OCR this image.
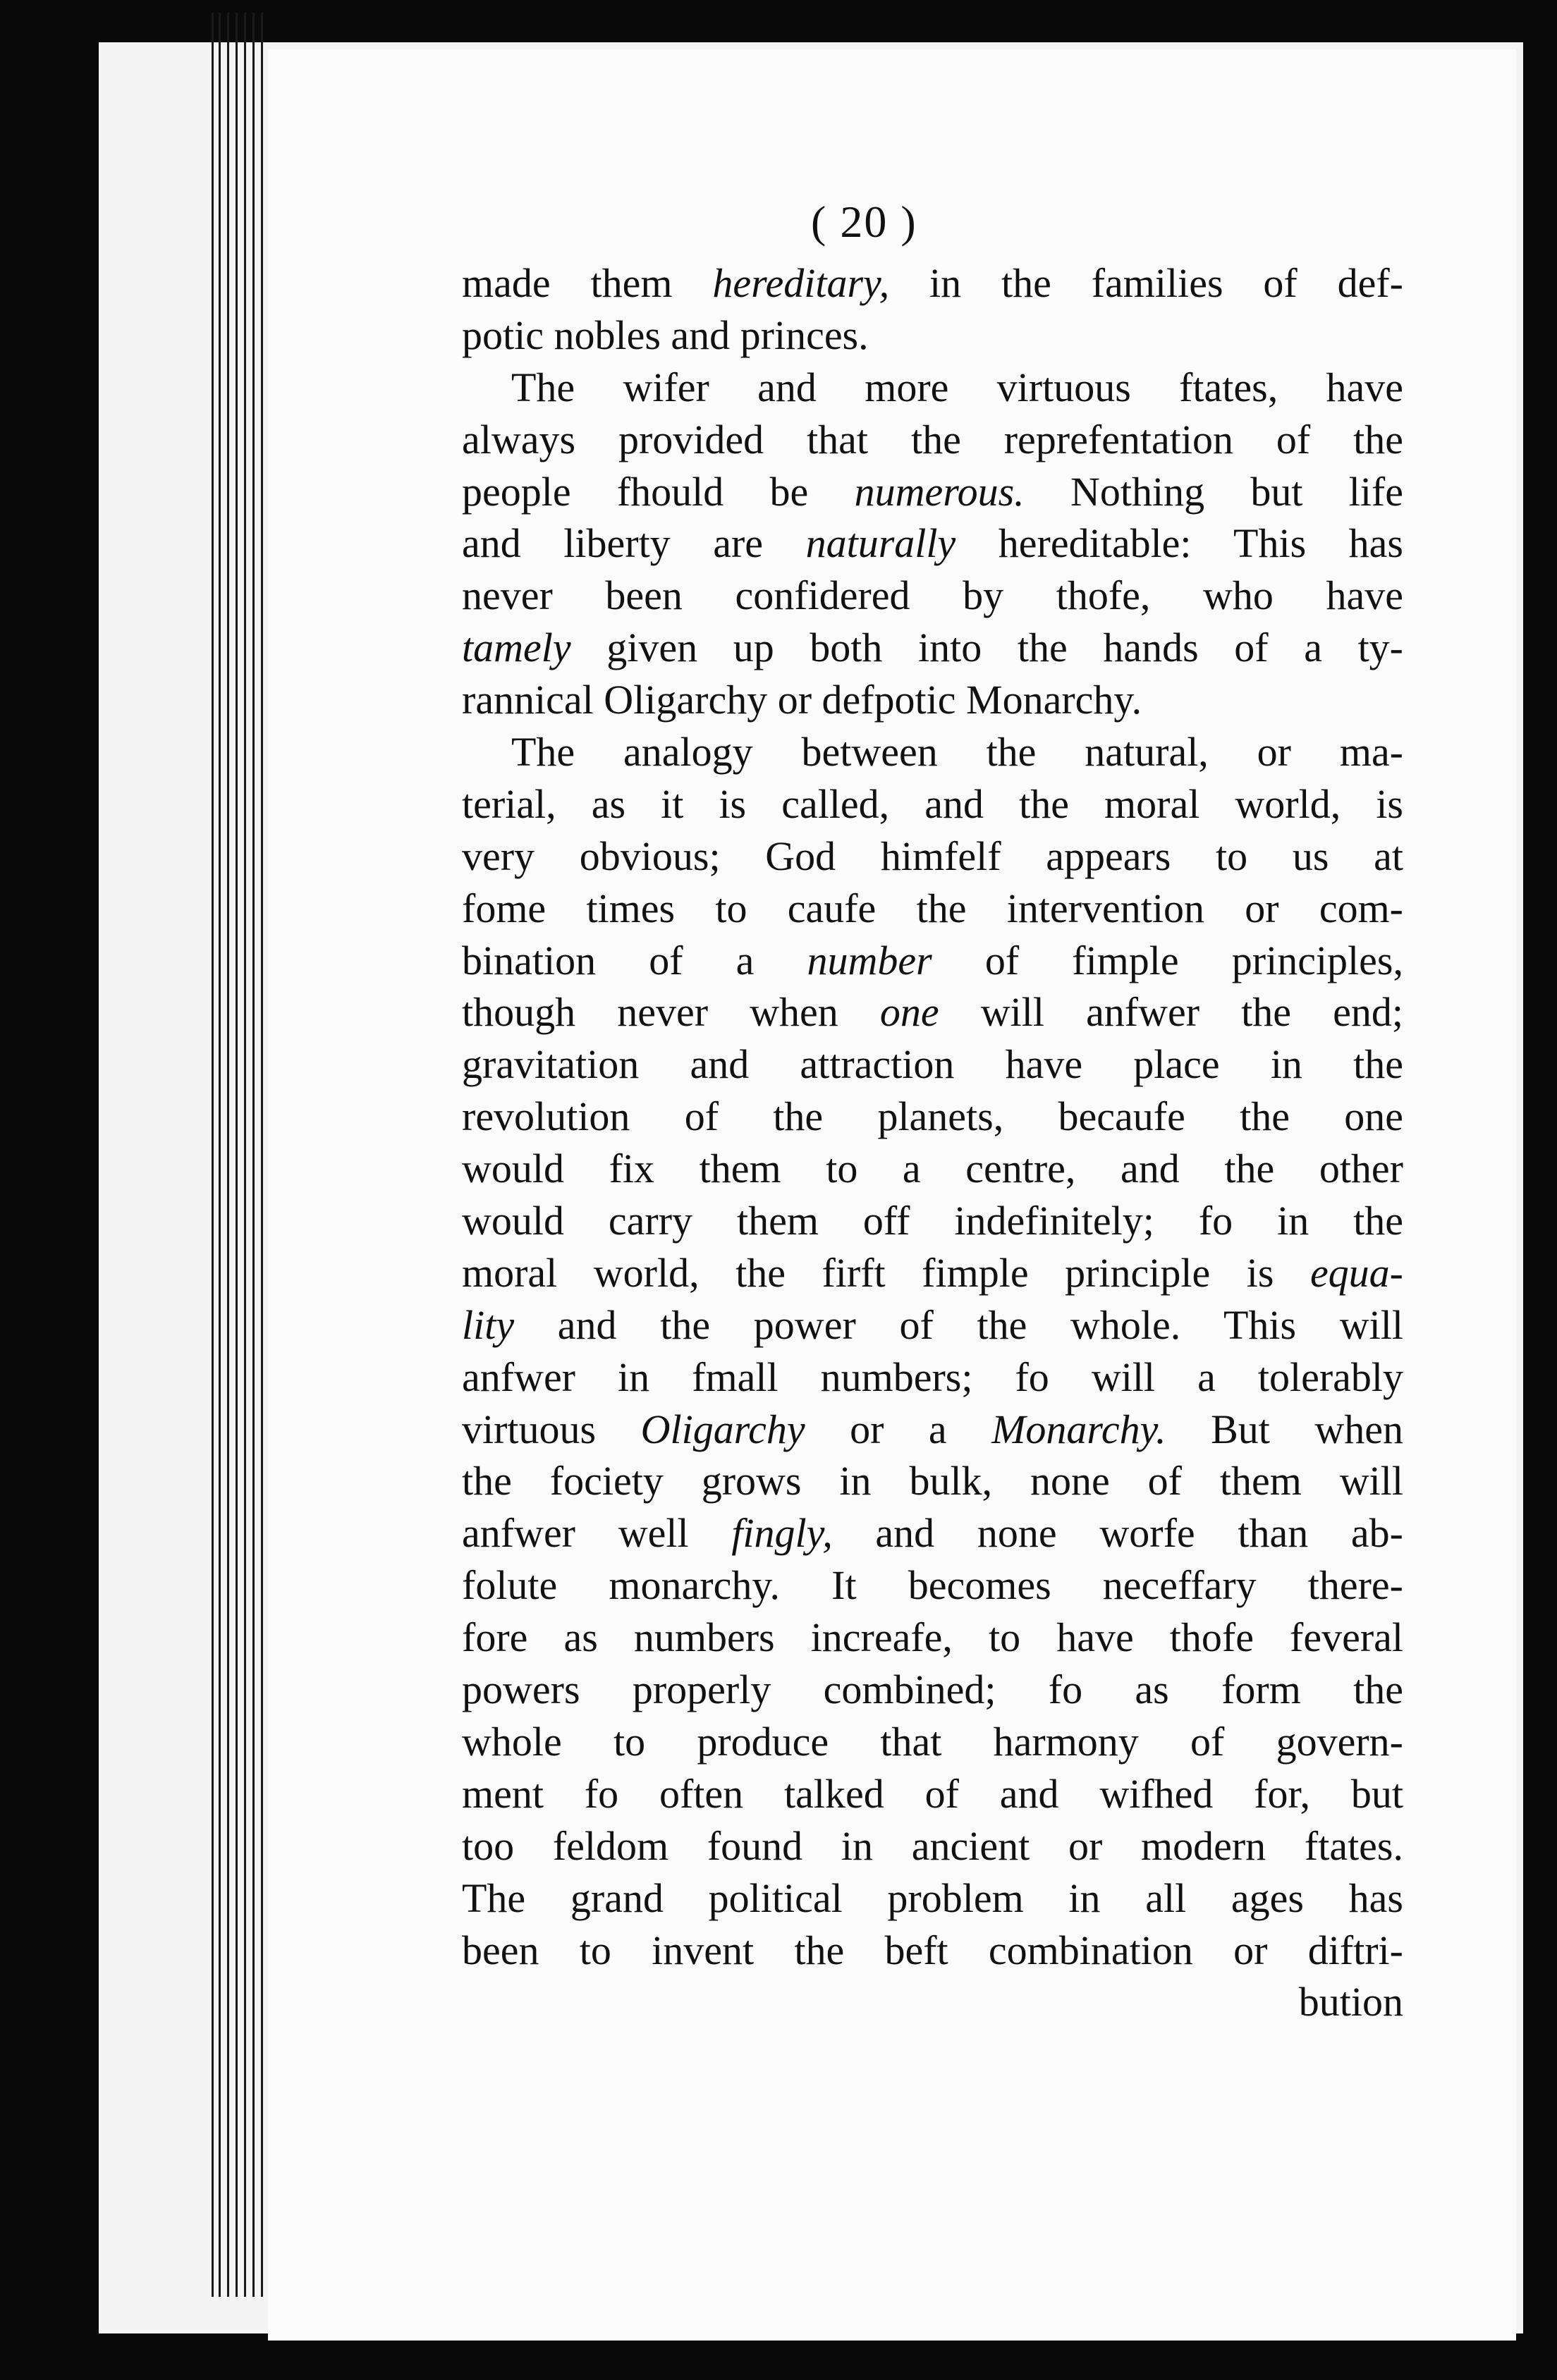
( 20 )
made them hereditary, in the families of def-
potic nobles and princes.
The wifer and more virtuous ftates, have
always provided that the reprefentation of the
people fhould be numerous. Nothing but life
and liberty are naturally hereditable: This has
never been confidered by thofe, who have
tamely given up both into the hands of a ty-
rannical Oligarchy or defpotic Monarchy.
The analogy between the natural, or ma-
terial, as it is called, and the moral world, is
very obvious; God himfelf appears to us at
fome times to caufe the intervention or com-
bination of a number of fimple principles,
though never when one will anfwer the end;
gravitation and attraction have place in the
revolution of the planets, becaufe the one
would fix them to a centre, and the other
would carry them off indefinitely; fo in the
moral world, the firft fimple principle is equa-
lity and the power of the whole. This will
anfwer in fmall numbers; fo will a tolerably
virtuous Oligarchy or a Monarchy. But when
the fociety grows in bulk, none of them will
anfwer well fingly, and none worfe than ab-
folute monarchy. It becomes neceffary there-
fore as numbers increafe, to have thofe feveral
powers properly combined; fo as form the
whole to produce that harmony of govern-
ment fo often talked of and wifhed for, but
too feldom found in ancient or modern ftates.
The grand political problem in all ages has
been to invent the beft combination or diftri-
bution
